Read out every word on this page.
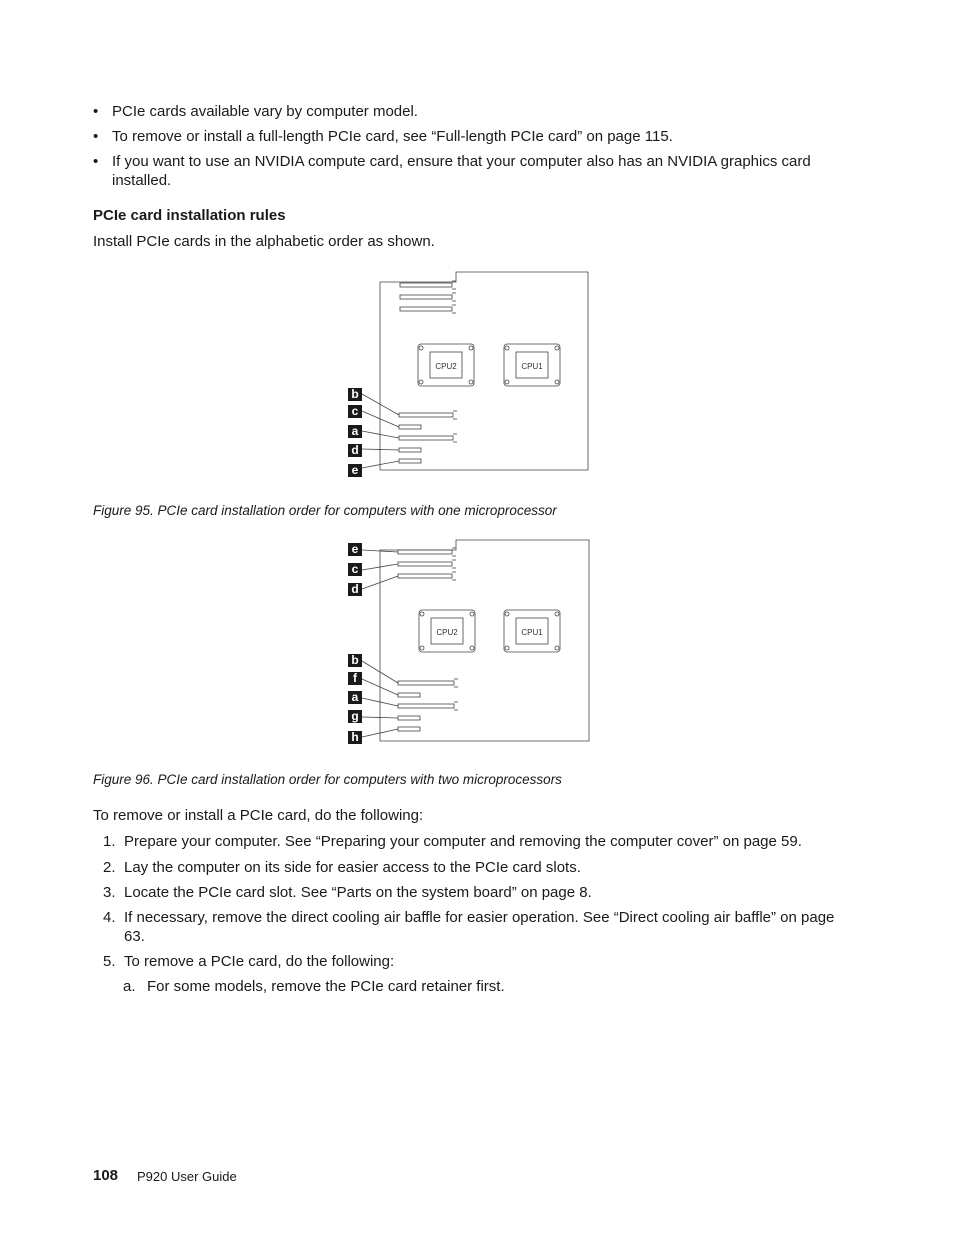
• PCIe cards available vary by computer model.
• To remove or install a full-length PCIe card, see “Full-length PCIe card” on page 115.
• If you want to use an NVIDIA compute card, ensure that your computer also has an NVIDIA graphics card installed.
PCIe card installation rules
Install PCIe cards in the alphabetic order as shown.
CPU2	CPU1
b
c
a
d
e
Figure 95. PCIe card installation order for computers with one microprocessor
CPU2	CPU1
e
c
d
b
f
a
g
h
Figure 96. PCIe card installation order for computers with two microprocessors
To remove or install a PCIe card, do the following:
1. Prepare your computer. See “Preparing your computer and removing the computer cover” on page 59.
2. Lay the computer on its side for easier access to the PCIe card slots.
3. Locate the PCIe card slot. See “Parts on the system board” on page 8.
4. If necessary, remove the direct cooling air baffle for easier operation. See “Direct cooling air baffle” on page 63.
5. To remove a PCIe card, do the following:
a. For some models, remove the PCIe card retainer first.
108 P920 User Guide
